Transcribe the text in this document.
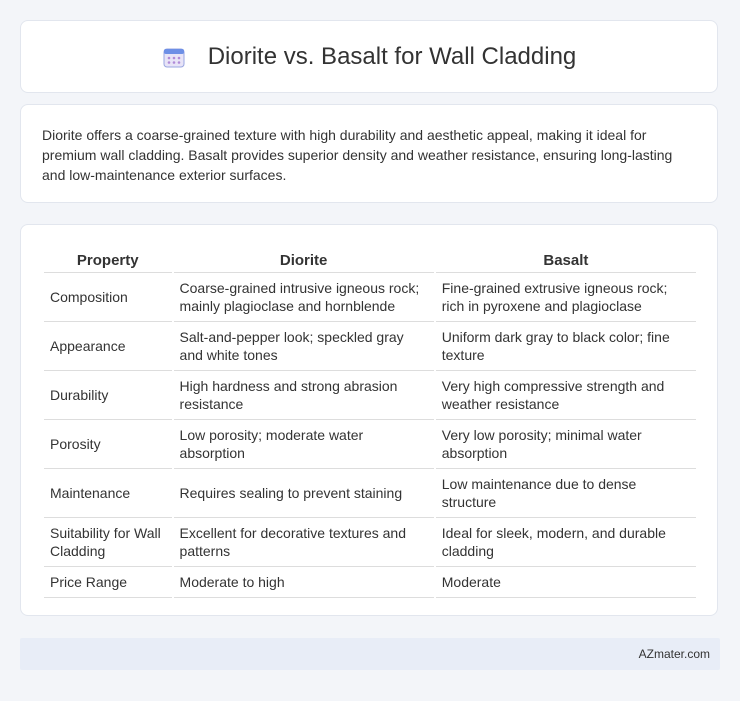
Diorite vs. Basalt for Wall Cladding

Diorite offers a coarse-grained texture with high durability and aesthetic appeal, making it ideal for premium wall cladding. Basalt provides superior density and weather resistance, ensuring long-lasting and low-maintenance exterior surfaces.

Property	Diorite	Basalt
Composition	Coarse-grained intrusive igneous rock; mainly plagioclase and hornblende	Fine-grained extrusive igneous rock; rich in pyroxene and plagioclase
Appearance	Salt-and-pepper look; speckled gray and white tones	Uniform dark gray to black color; fine texture
Durability	High hardness and strong abrasion resistance	Very high compressive strength and weather resistance
Porosity	Low porosity; moderate water absorption	Very low porosity; minimal water absorption
Maintenance	Requires sealing to prevent staining	Low maintenance due to dense structure
Suitability for Wall Cladding	Excellent for decorative textures and patterns	Ideal for sleek, modern, and durable cladding
Price Range	Moderate to high	Moderate
AZmater.com
